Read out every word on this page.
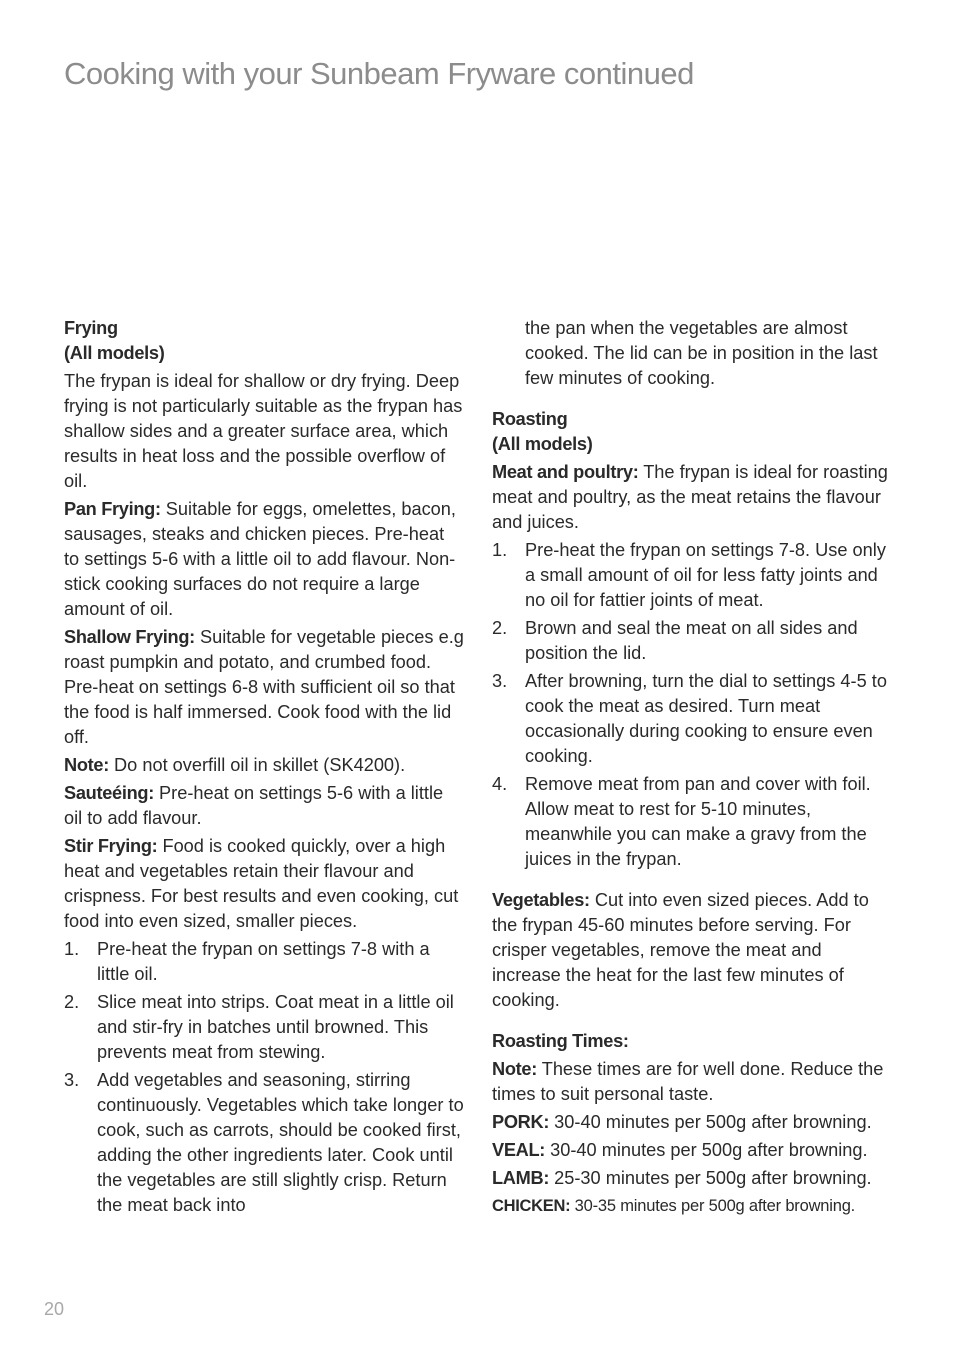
Cooking with your Sunbeam Fryware continued
Frying
(All models)

The frypan is ideal for shallow or dry frying. Deep frying is not particularly suitable as the frypan has shallow sides and a greater surface area, which results in heat loss and the possible overflow of oil.

Pan Frying: Suitable for eggs, omelettes, bacon, sausages, steaks and chicken pieces. Pre-heat to settings 5-6 with a little oil to add flavour. Non-stick cooking surfaces do not require a large amount of oil.

Shallow Frying: Suitable for vegetable pieces e.g roast pumpkin and potato, and crumbed food. Pre-heat on settings 6-8 with sufficient oil so that the food is half immersed. Cook food with the lid off.

Note: Do not overfill oil in skillet (SK4200).

Sauteéing: Pre-heat on settings 5-6 with a little oil to add flavour.

Stir Frying: Food is cooked quickly, over a high heat and vegetables retain their flavour and crispness. For best results and even cooking, cut food into even sized, smaller pieces.

1. Pre-heat the frypan on settings 7-8 with a little oil.
2. Slice meat into strips. Coat meat in a little oil and stir-fry in batches until browned. This prevents meat from stewing.
3. Add vegetables and seasoning, stirring continuously. Vegetables which take longer to cook, such as carrots, should be cooked first, adding the other ingredients later. Cook until the vegetables are still slightly crisp. Return the meat back into
the pan when the vegetables are almost cooked. The lid can be in position in the last few minutes of cooking.
Roasting
(All models)

Meat and poultry: The frypan is ideal for roasting meat and poultry, as the meat retains the flavour and juices.

1. Pre-heat the frypan on settings 7-8. Use only a small amount of oil for less fatty joints and no oil for fattier joints of meat.
2. Brown and seal the meat on all sides and position the lid.
3. After browning, turn the dial to settings 4-5 to cook the meat as desired. Turn meat occasionally during cooking to ensure even cooking.
4. Remove meat from pan and cover with foil. Allow meat to rest for 5-10 minutes, meanwhile you can make a gravy from the juices in the frypan.

Vegetables: Cut into even sized pieces. Add to the frypan 45-60 minutes before serving. For crisper vegetables, remove the meat and increase the heat for the last few minutes of cooking.

Roasting Times:

Note: These times are for well done. Reduce the times to suit personal taste.

PORK: 30-40 minutes per 500g after browning.

VEAL: 30-40 minutes per 500g after browning.

LAMB: 25-30 minutes per 500g after browning.

CHICKEN: 30-35 minutes per 500g after browning.

20
